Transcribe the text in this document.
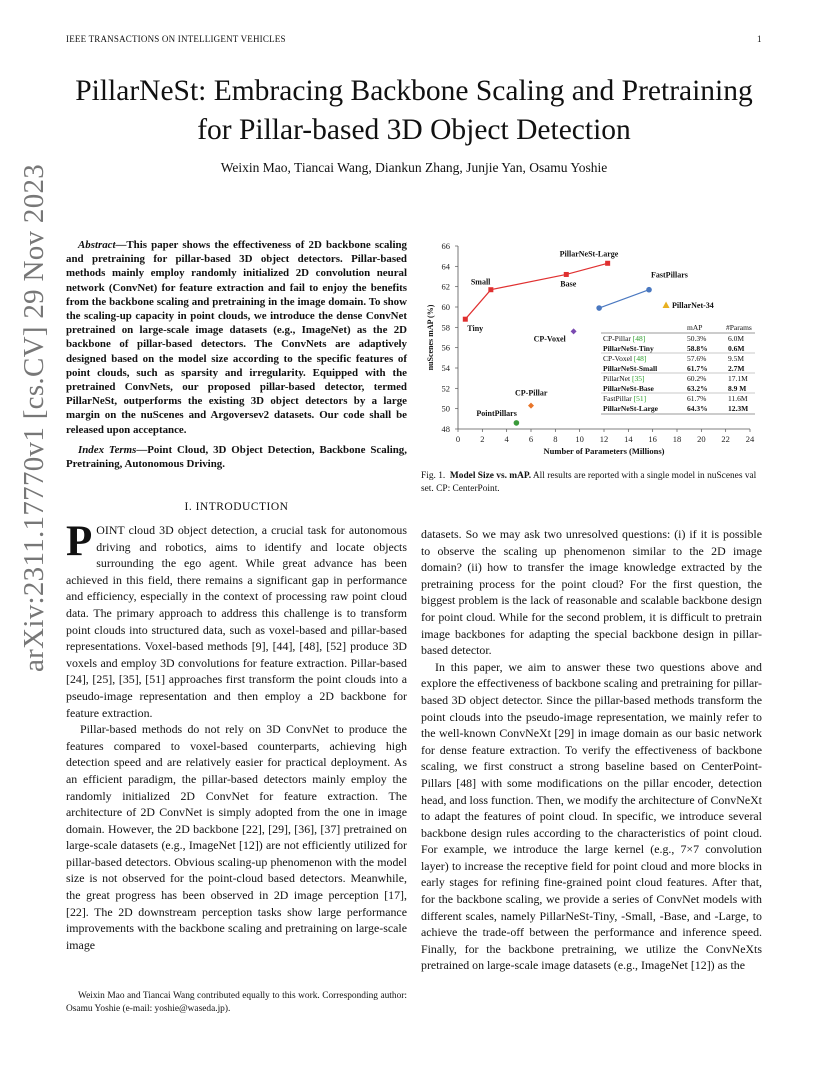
IEEE TRANSACTIONS ON INTELLIGENT VEHICLES	1
PillarNeSt: Embracing Backbone Scaling and Pretraining for Pillar-based 3D Object Detection
Weixin Mao, Tiancai Wang, Diankun Zhang, Junjie Yan, Osamu Yoshie
arXiv:2311.17770v1 [cs.CV] 29 Nov 2023	Abstract—This paper shows the effectiveness of 2D backbone scaling and pretraining for pillar-based 3D object detectors. Pillar-based methods mainly employ randomly initialized 2D convolution neural network (ConvNet) for feature extraction and fail to enjoy the benefits from the backbone scaling and pretraining in the image domain. To show the scaling-up capacity in point clouds, we introduce the dense ConvNet pretrained on large-scale image datasets (e.g., ImageNet) as the 2D backbone of pillar-based detectors. The ConvNets are adaptively designed based on the model size according to the specific features of point clouds, such as sparsity and irregularity. Equipped with the pretrained ConvNets, our proposed pillar-based detector, termed PillarNeSt, outperforms the existing 3D object detectors by a large margin on the nuScenes and Argoversev2 datasets. Our code shall be released upon acceptance.

Index Terms—Point Cloud, 3D Object Detection, Backbone Scaling, Pretraining, Autonomous Driving.

I. INTRODUCTION

POINT cloud 3D object detection, a crucial task for autonomous driving and robotics, aims to identify and locate objects surrounding the ego agent. While great advance has been achieved in this field, there remains a significant gap in performance and efficiency, especially in the context of processing raw point cloud data. The primary approach to address this challenge is to transform point clouds into structured data, such as voxel-based and pillar-based representations. Voxel-based methods [9], [44], [48], [52] produce 3D voxels and employ 3D convolutions for feature extraction. Pillar-based [24], [25], [35], [51] approaches first transform the point clouds into a pseudo-image representation and then employ a 2D backbone for feature extraction.

Pillar-based methods do not rely on 3D ConvNet to produce the features compared to voxel-based counterparts, achieving high detection speed and are relatively easier for practical deployment. As an efficient paradigm, the pillar-based detectors mainly employ the randomly initialized 2D ConvNet for feature extraction. The architecture of 2D ConvNet is simply adopted from the one in image domain. However, the 2D backbone [22], [29], [36], [37] pretrained on large-scale datasets (e.g., ImageNet [12]) are not efficiently utilized for pillar-based detectors. Obvious scaling-up phenomenon with the model size is not observed for the point-cloud based detectors. Meanwhile, the great progress has been observed in 2D image perception [17], [22]. The 2D downstream perception tasks show large performance improvements with the backbone scaling and pretraining on large-scale image

Weixin Mao and Tiancai Wang contributed equally to this work. Corresponding author: Osamu Yoshie (e-mail: yoshie@waseda.jp).
0 2 4 6 8 10 12 14 16 18 20 22 24
48
50
52
54
56
58
60
62
64
66
Number of Parameters (Millions)
nuScenes mAP (%)	Tiny
Small	Base
PillarNeSt-Large
FastPillars
CP-Voxel
PillarNet-34
CP-Pillar
PointPillars
mAP	#Params
CP-Pillar [48]	50.3%	6.0M
PillarNeSt-Tiny	58.8%	0.6M
CP-Voxel [48]	57.6%	9.5M
PillarNeSt-Small	61.7%	2.7M
PillarNet [35]	60.2%	17.1M
PillarNeSt-Base	63.2%	8.9 M
FastPillar [51]	61.7%	11.6M
PillarNeSt-Large	64.3%	12.3M
Fig. 1. Model Size vs. mAP. All results are reported with a single model in nuScenes val set. CP: CenterPoint.

datasets. So we may ask two unresolved questions: (i) if it is possible to observe the scaling up phenomenon similar to the 2D image domain? (ii) how to transfer the image knowledge extracted by the pretraining process for the point cloud? For the first question, the biggest problem is the lack of reasonable and scalable backbone design for point cloud. While for the second problem, it is difficult to pretrain image backbones for adapting the special backbone design in pillar-based detector.

In this paper, we aim to answer these two questions above and explore the effectiveness of backbone scaling and pretraining for pillar-based 3D object detector. Since the pillar-based methods transform the point clouds into the pseudo-image representation, we mainly refer to the well-known ConvNeXt [29] in image domain as our basic network for dense feature extraction. To verify the effectiveness of backbone scaling, we first construct a strong baseline based on CenterPoint-Pillars [48] with some modifications on the pillar encoder, detection head, and loss function. Then, we modify the architecture of ConvNeXt to adapt the features of point cloud. In specific, we introduce several backbone design rules according to the characteristics of point cloud. For example, we introduce the large kernel (e.g., 7×7 convolution layer) to increase the receptive field for point cloud and more blocks in early stages for refining fine-grained point cloud features. After that, for the backbone scaling, we provide a series of ConvNet models with different scales, namely PillarNeSt-Tiny, -Small, -Base, and -Large, to achieve the trade-off between the performance and inference speed. Finally, for the backbone pretraining, we utilize the ConvNeXts pretrained on large-scale image datasets (e.g., ImageNet [12]) as the
